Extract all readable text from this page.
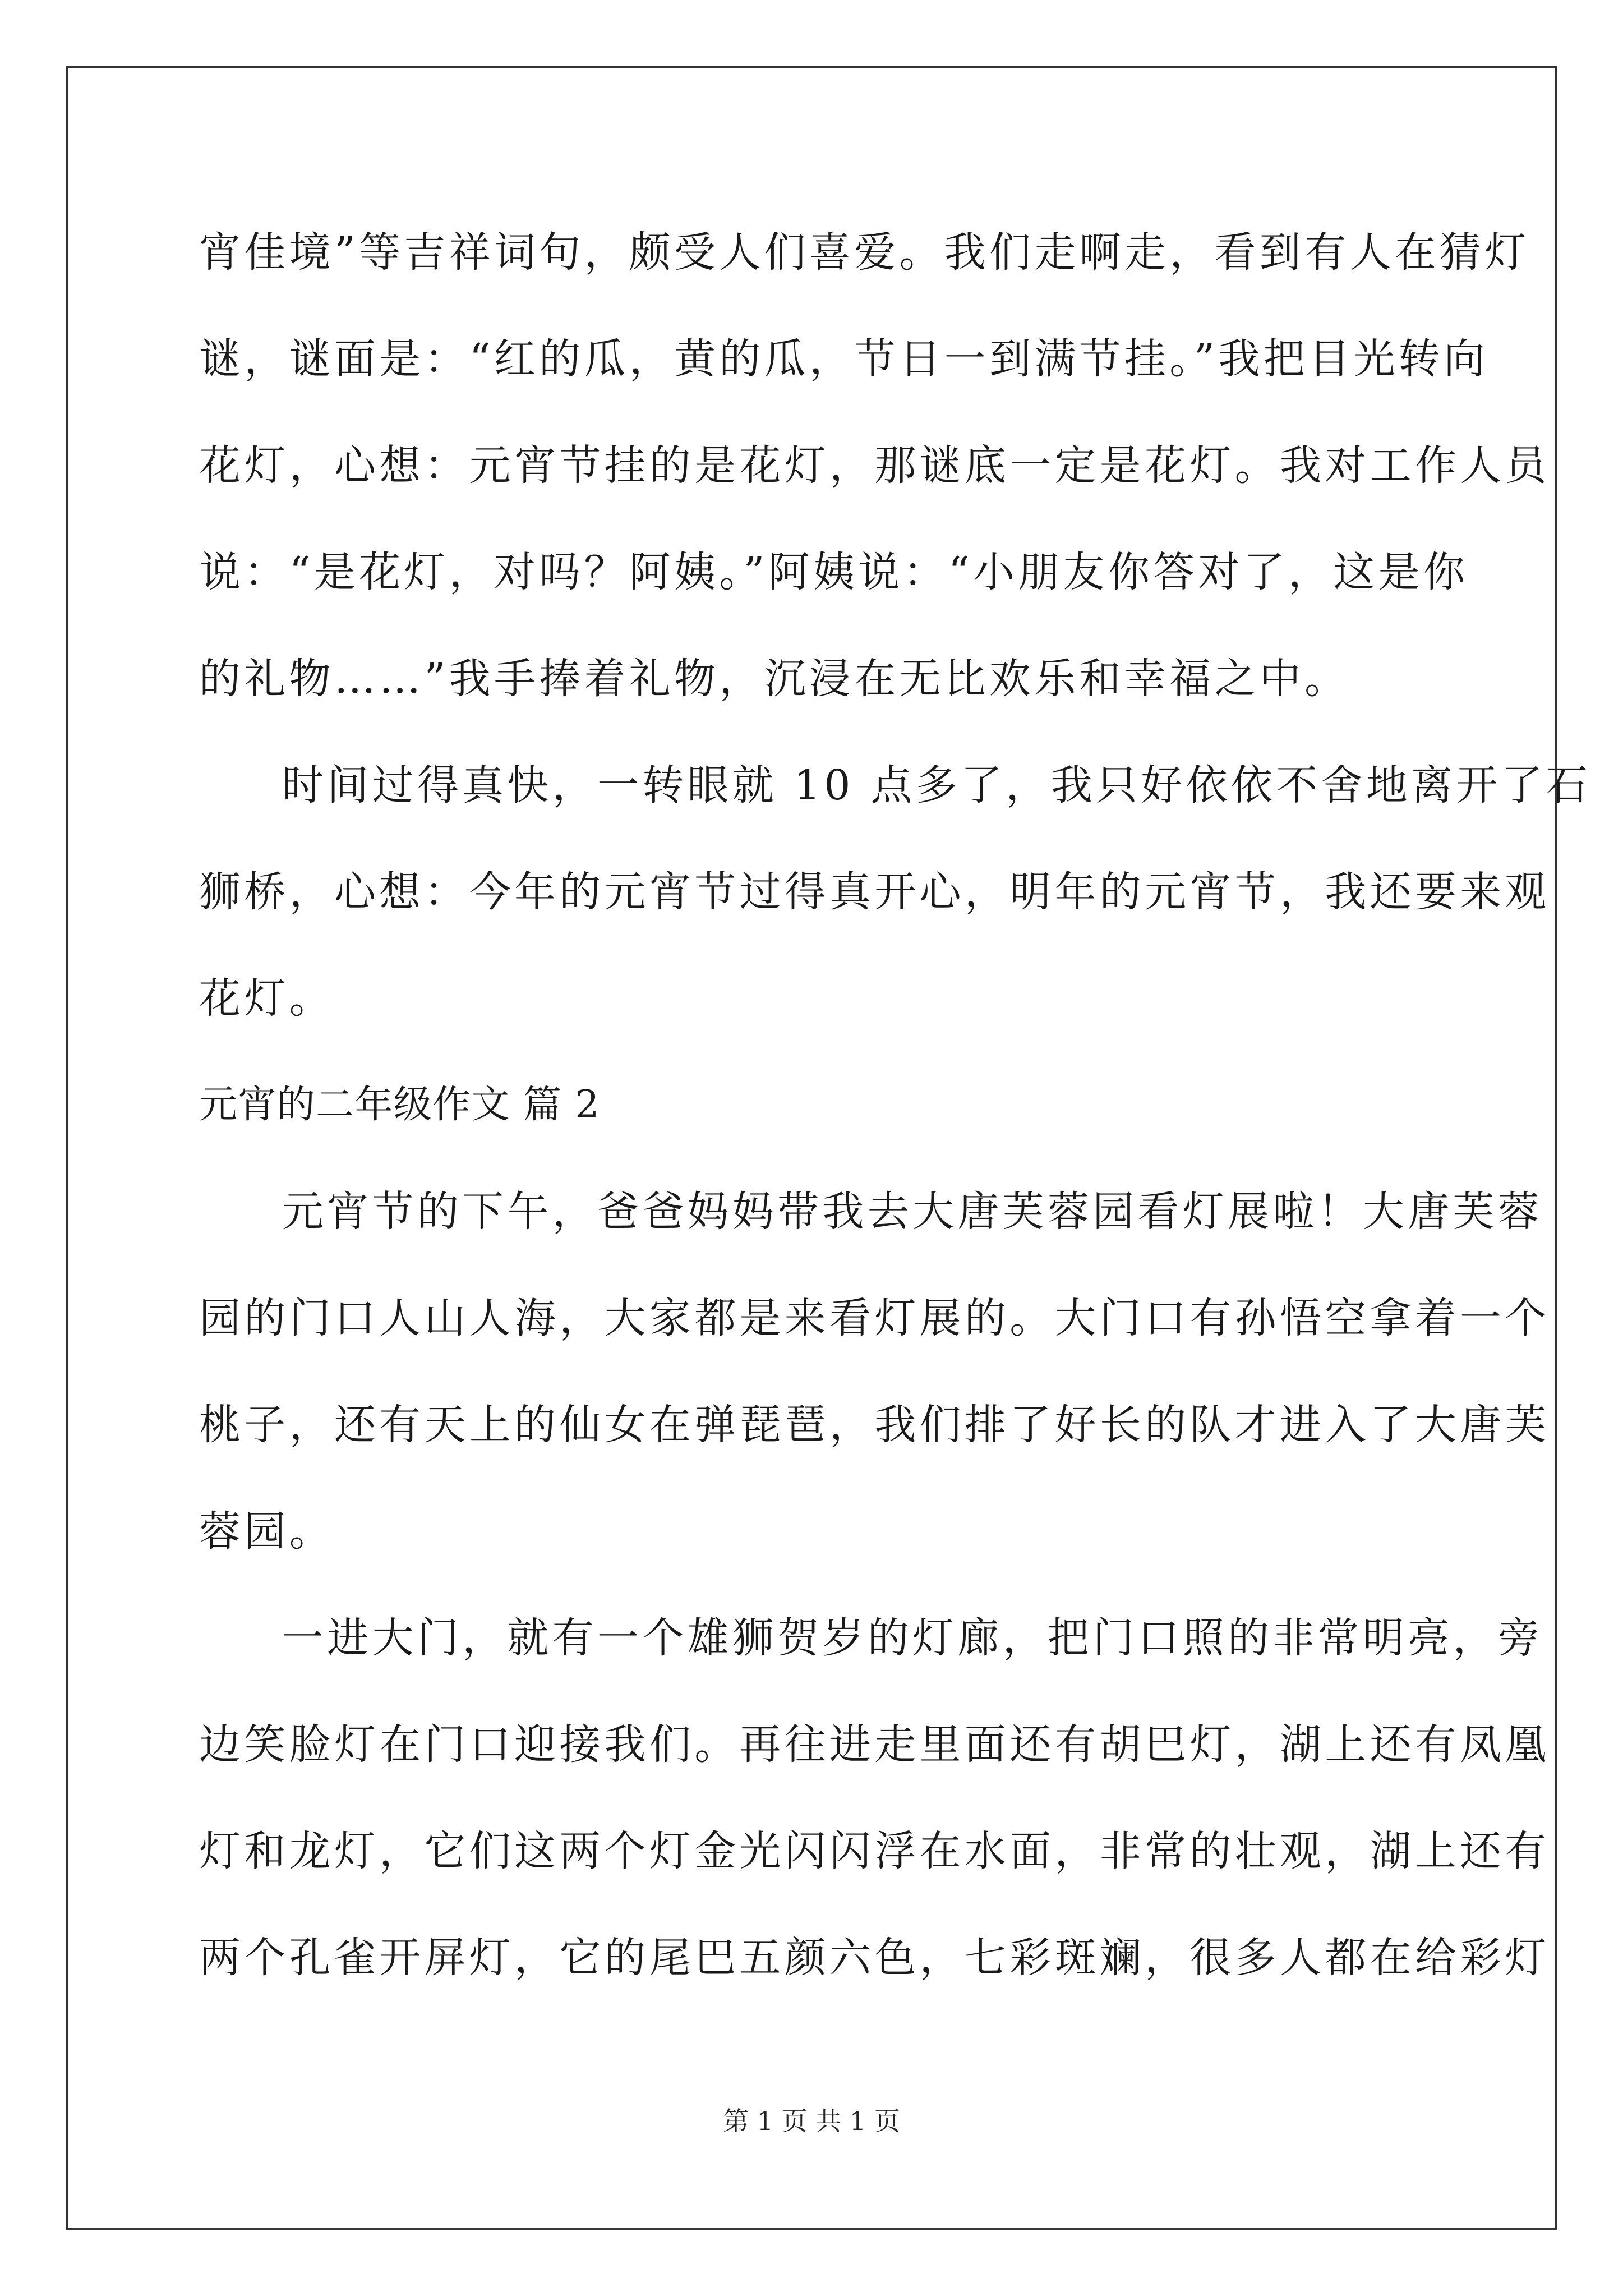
宵佳境”等吉祥词句，颇受人们喜爱。我们走啊走，看到有人在猜灯
谜，谜面是：“红的瓜，黄的瓜，节日一到满节挂。”我把目光转向
花灯，心想：元宵节挂的是花灯，那谜底一定是花灯。我对工作人员
说：“是花灯，对吗？阿姨。”阿姨说：“小朋友你答对了，这是你
的礼物……”我手捧着礼物，沉浸在无比欢乐和幸福之中。
时间过得真快，一转眼就 10 点多了，我只好依依不舍地离开了石
狮桥，心想：今年的元宵节过得真开心，明年的元宵节，我还要来观
花灯。
元宵的二年级作文 篇 2
元宵节的下午，爸爸妈妈带我去大唐芙蓉园看灯展啦！大唐芙蓉
园的门口人山人海，大家都是来看灯展的。大门口有孙悟空拿着一个
桃子，还有天上的仙女在弹琵琶，我们排了好长的队才进入了大唐芙
蓉园。
一进大门，就有一个雄狮贺岁的灯廊，把门口照的非常明亮，旁
边笑脸灯在门口迎接我们。再往进走里面还有胡巴灯，湖上还有凤凰
灯和龙灯，它们这两个灯金光闪闪浮在水面，非常的壮观，湖上还有
两个孔雀开屏灯，它的尾巴五颜六色，七彩斑斓，很多人都在给彩灯
第 1 页 共 1 页
